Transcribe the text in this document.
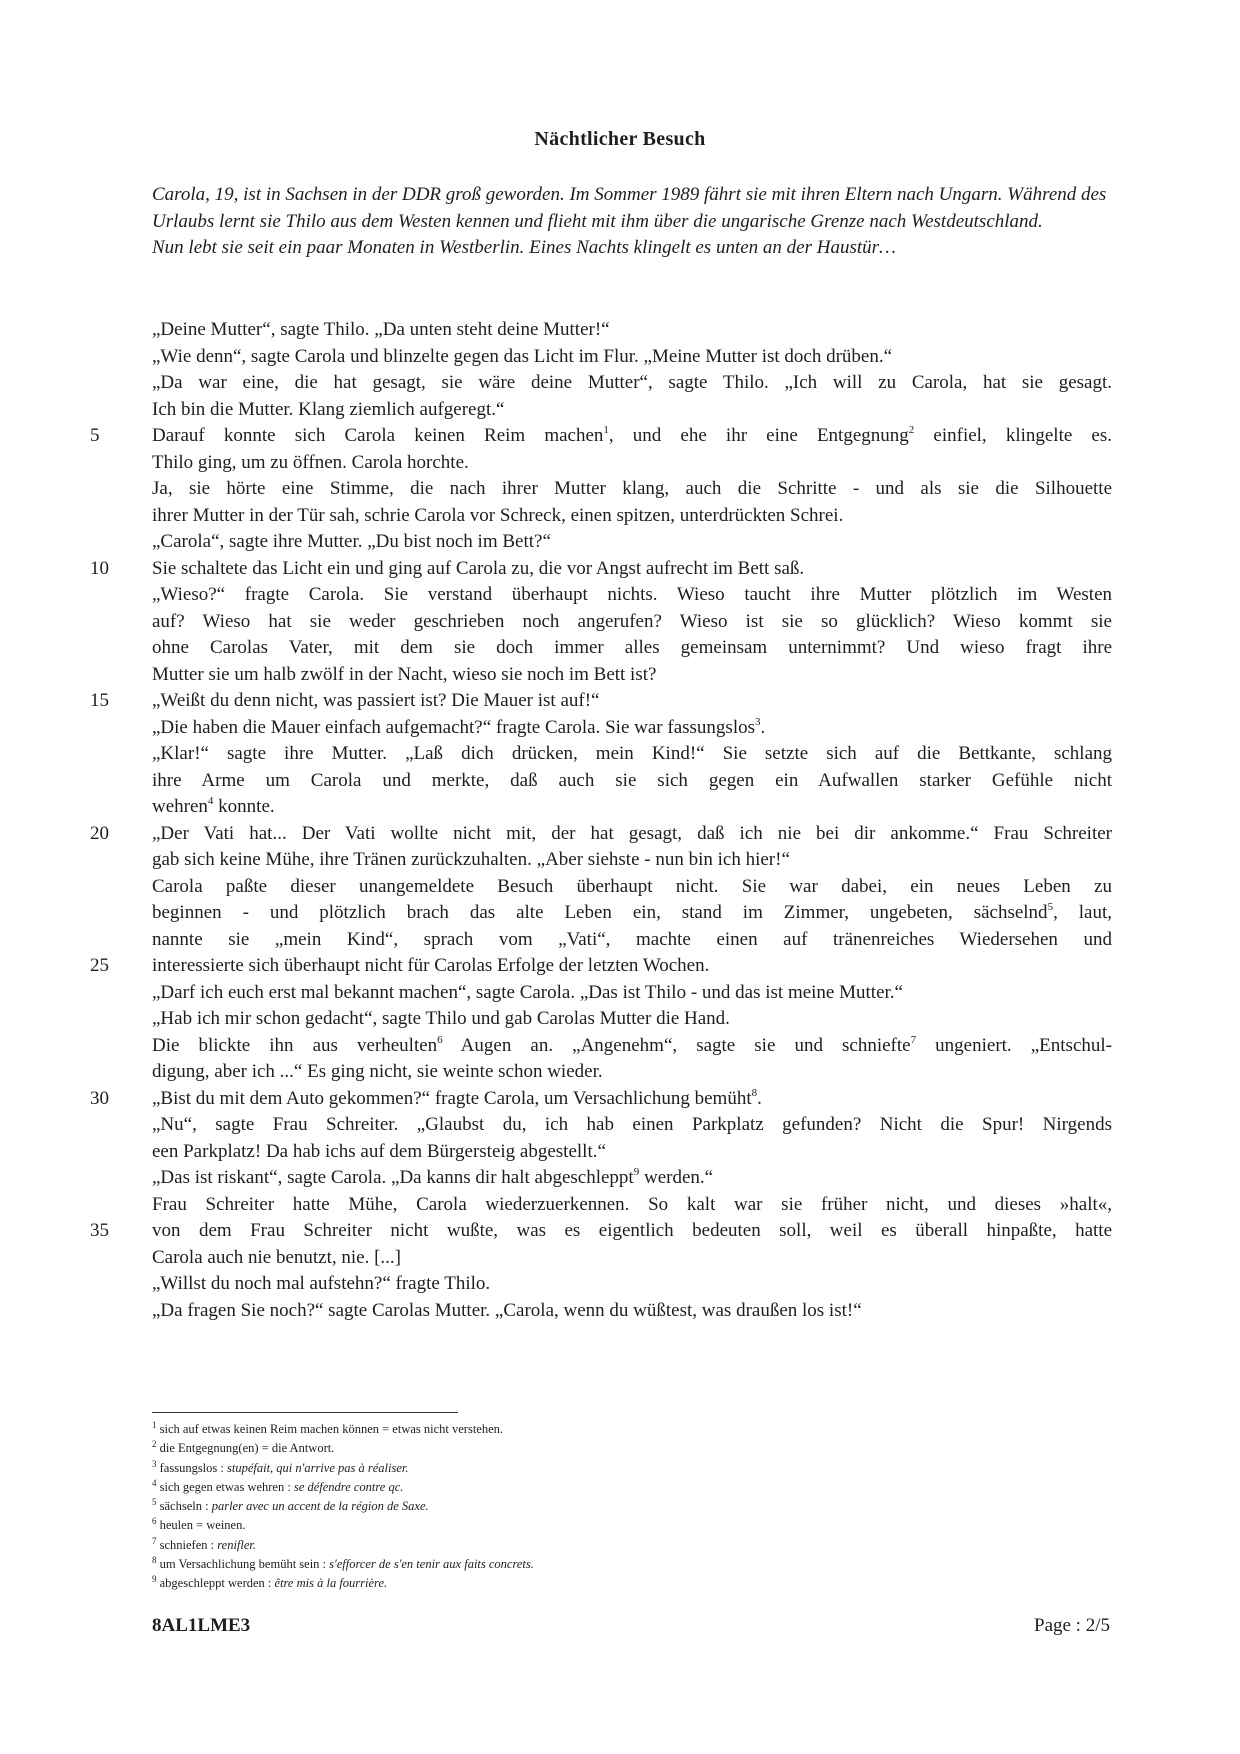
Nächtlicher Besuch

Carola, 19, ist in Sachsen in der DDR groß geworden. Im Sommer 1989 fährt sie mit ihren Eltern nach Ungarn. Während des Urlaubs lernt sie Thilo aus dem Westen kennen und flieht mit ihm über die ungarische Grenze nach Westdeutschland.

Nun lebt sie seit ein paar Monaten in Westberlin. Eines Nachts klingelt es unten an der Haustür…

„Deine Mutter“, sagte Thilo. „Da unten steht deine Mutter!“
„Wie denn“, sagte Carola und blinzelte gegen das Licht im Flur. „Meine Mutter ist doch drüben.“
„Da war eine, die hat gesagt, sie wäre deine Mutter“, sagte Thilo. „Ich will zu Carola, hat sie gesagt.
Ich bin die Mutter. Klang ziemlich aufgeregt.“
5	Darauf konnte sich Carola keinen Reim machen$^1$, und ehe ihr eine Entgegnung$^2$ einfiel, klingelte es.
Thilo ging, um zu öffnen. Carola horchte.
Ja, sie hörte eine Stimme, die nach ihrer Mutter klang, auch die Schritte - und als sie die Silhouette
ihrer Mutter in der Tür sah, schrie Carola vor Schreck, einen spitzen, unterdrückten Schrei.
„Carola“, sagte ihre Mutter. „Du bist noch im Bett?“
10	Sie schaltete das Licht ein und ging auf Carola zu, die vor Angst aufrecht im Bett saß.
„Wieso?“ fragte Carola. Sie verstand überhaupt nichts. Wieso taucht ihre Mutter plötzlich im Westen
auf? Wieso hat sie weder geschrieben noch angerufen? Wieso ist sie so glücklich? Wieso kommt sie
ohne Carolas Vater, mit dem sie doch immer alles gemeinsam unternimmt? Und wieso fragt ihre
Mutter sie um halb zwölf in der Nacht, wieso sie noch im Bett ist?
15	„Weißt du denn nicht, was passiert ist? Die Mauer ist auf!“
„Die haben die Mauer einfach aufgemacht?“ fragte Carola. Sie war fassungslos$^3$.
„Klar!“ sagte ihre Mutter. „Laß dich drücken, mein Kind!“ Sie setzte sich auf die Bettkante, schlang
ihre Arme um Carola und merkte, daß auch sie sich gegen ein Aufwallen starker Gefühle nicht
wehren$^4$ konnte.
20	„Der Vati hat... Der Vati wollte nicht mit, der hat gesagt, daß ich nie bei dir ankomme.“ Frau Schreiter
gab sich keine Mühe, ihre Tränen zurückzuhalten. „Aber siehste - nun bin ich hier!“
Carola paßte dieser unangemeldete Besuch überhaupt nicht. Sie war dabei, ein neues Leben zu
beginnen - und plötzlich brach das alte Leben ein, stand im Zimmer, ungebeten, sächselnd$^5$, laut,
nannte sie „mein Kind“, sprach vom „Vati“, machte einen auf tränenreiches Wiedersehen und
25	interessierte sich überhaupt nicht für Carolas Erfolge der letzten Wochen.
„Darf ich euch erst mal bekannt machen“, sagte Carola. „Das ist Thilo - und das ist meine Mutter.“
„Hab ich mir schon gedacht“, sagte Thilo und gab Carolas Mutter die Hand.
Die blickte ihn aus verheulten$^6$ Augen an. „Angenehm“, sagte sie und schniefte$^7$ ungeniert. „Entschul-
digung, aber ich ...“ Es ging nicht, sie weinte schon wieder.
30	„Bist du mit dem Auto gekommen?“ fragte Carola, um Versachlichung bemüht$^8$.
„Nu“, sagte Frau Schreiter. „Glaubst du, ich hab einen Parkplatz gefunden? Nicht die Spur! Nirgends
een Parkplatz! Da hab ichs auf dem Bürgersteig abgestellt.“
„Das ist riskant“, sagte Carola. „Da kanns dir halt abgeschleppt$^9$ werden.“
Frau Schreiter hatte Mühe, Carola wiederzuerkennen. So kalt war sie früher nicht, und dieses »halt«,
35	von dem Frau Schreiter nicht wußte, was es eigentlich bedeuten soll, weil es überall hinpaßte, hatte
Carola auch nie benutzt, nie. [...]
„Willst du noch mal aufstehn?“ fragte Thilo.
„Da fragen Sie noch?“ sagte Carolas Mutter. „Carola, wenn du wüßtest, was draußen los ist!“
$^1$ sich auf etwas keinen Reim machen können = etwas nicht verstehen.
$^2$ die Entgegnung(en) = die Antwort.
$^3$ fassungslos : stupéfait, qui n'arrive pas à réaliser.
$^4$ sich gegen etwas wehren : se défendre contre qc.
$^5$ sächseln : parler avec un accent de la région de Saxe.
$^6$ heulen = weinen.
$^7$ schniefen : renifler.
$^8$ um Versachlichung bemüht sein : s'efforcer de s'en tenir aux faits concrets.
$^9$ abgeschleppt werden : être mis à la fourrière.
8AL1LME3	Page : 2/5
